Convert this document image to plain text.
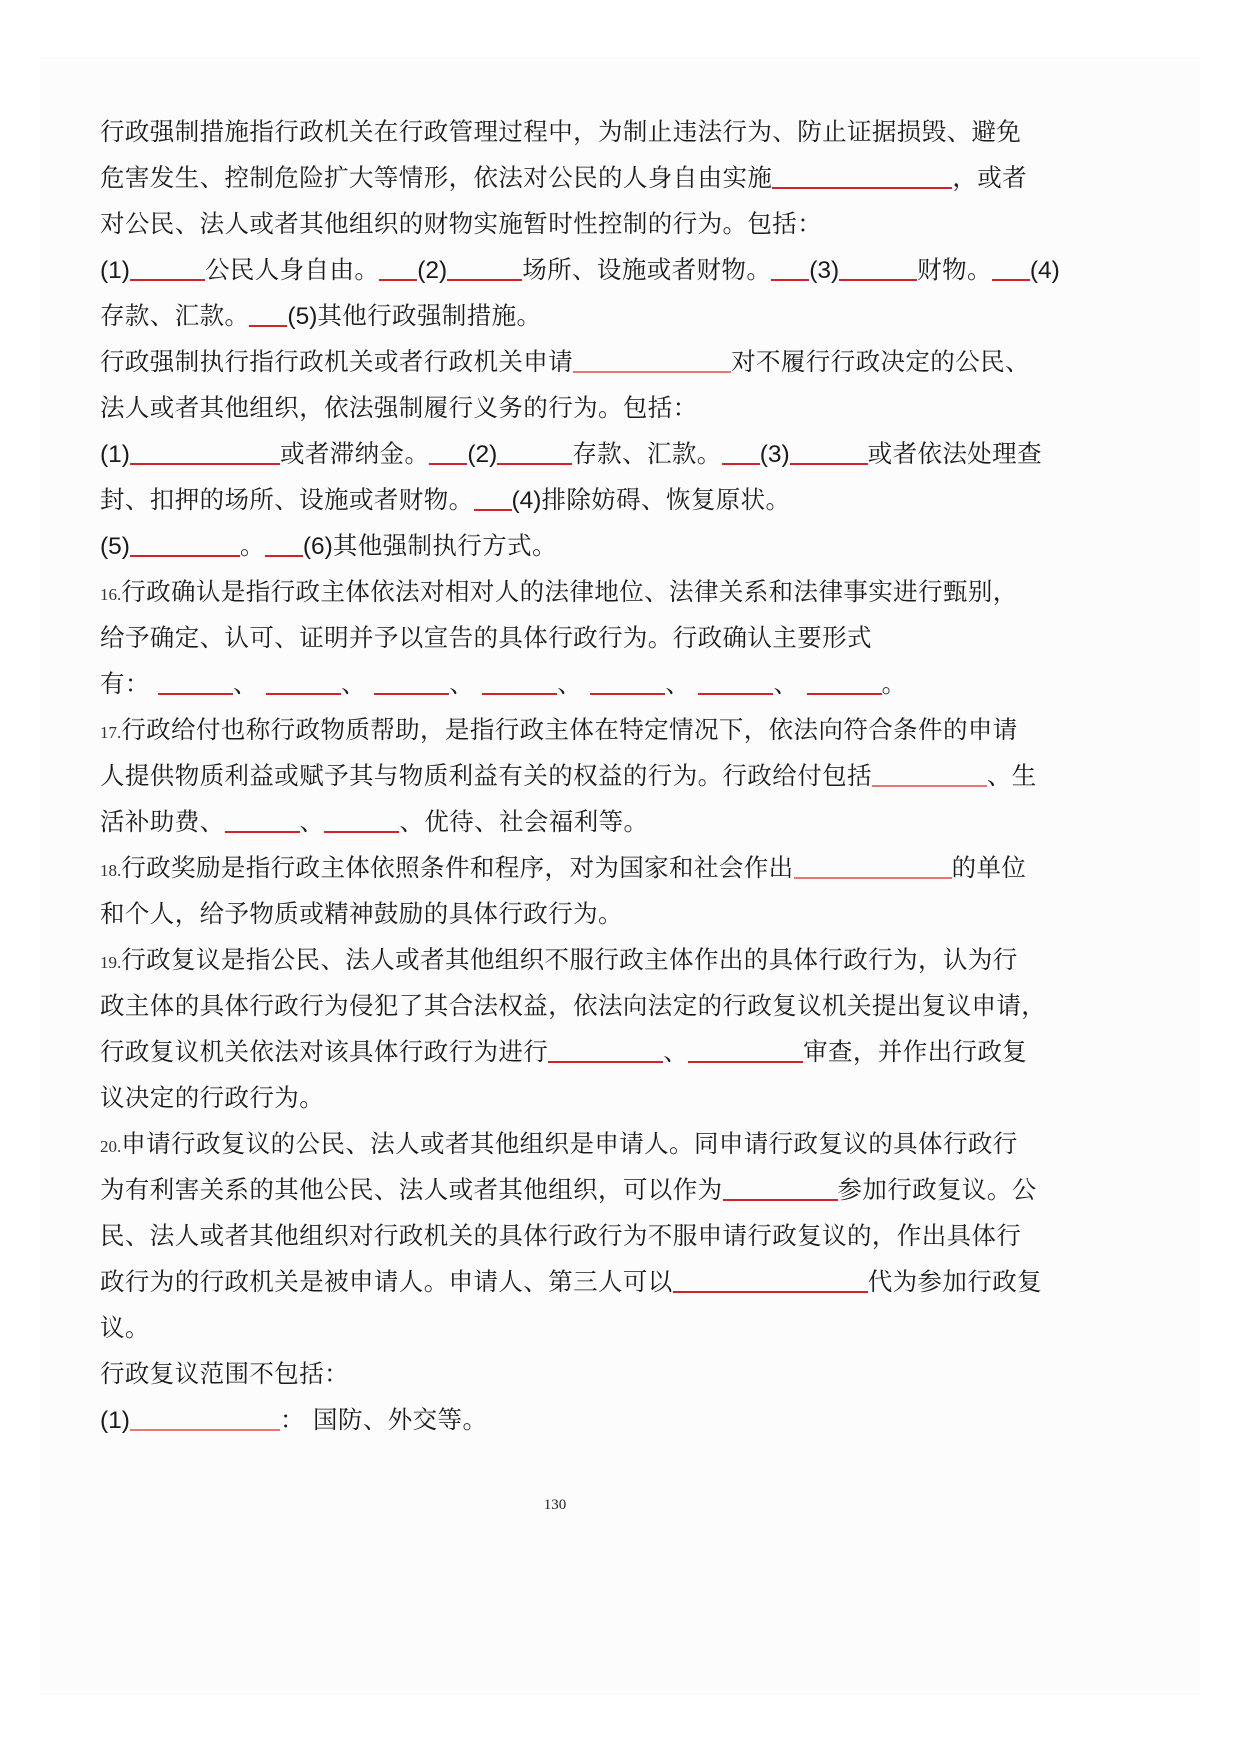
行政强制措施指行政机关在行政管理过程中，为制止违法行为、防止证据损毁、避免
危害发生、控制危险扩大等情形，依法对公民的人身自由实施	，或者
对公民、法人或者其他组织的财物实施暂时性控制的行为。包括：
(1)	公民人身自由。 (2)	场所、设施或者财物。 (3)	财物。 (4)
存款、汇款。 (5)其他行政强制措施。
行政强制执行指行政机关或者行政机关申请	对不履行行政决定的公民、
法人或者其他组织，依法强制履行义务的行为。包括：
(1)	或者滞纳金。 (2)	存款、汇款。 (3)	或者依法处理查
封、扣押的场所、设施或者财物。 (4)排除妨碍、恢复原状。
(5)	。 (6)其他强制执行方式。
16.行政确认是指行政主体依法对相对人的法律地位、法律关系和法律事实进行甄别，
给予确定、认可、证明并予以宣告的具体行政行为。行政确认主要形式
有：	、	、	、	、	、	、	。
17.行政给付也称行政物质帮助，是指行政主体在特定情况下，依法向符合条件的申请
人提供物质利益或赋予其与物质利益有关的权益的行为。行政给付包括	、生
活补助费、	、	、优待、社会福利等。
18.行政奖励是指行政主体依照条件和程序，对为国家和社会作出	的单位
和个人，给予物质或精神鼓励的具体行政行为。
19.行政复议是指公民、法人或者其他组织不服行政主体作出的具体行政行为，认为行
政主体的具体行政行为侵犯了其合法权益，依法向法定的行政复议机关提出复议申请，
行政复议机关依法对该具体行政行为进行	、	审查，并作出行政复
议决定的行政行为。
20.申请行政复议的公民、法人或者其他组织是申请人。同申请行政复议的具体行政行
为有利害关系的其他公民、法人或者其他组织，可以作为	参加行政复议。公
民、法人或者其他组织对行政机关的具体行政行为不服申请行政复议的，作出具体行
政行为的行政机关是被申请人。申请人、第三人可以	代为参加行政复
议。
行政复议范围不包括：
(1)	： 国防、外交等。
130
